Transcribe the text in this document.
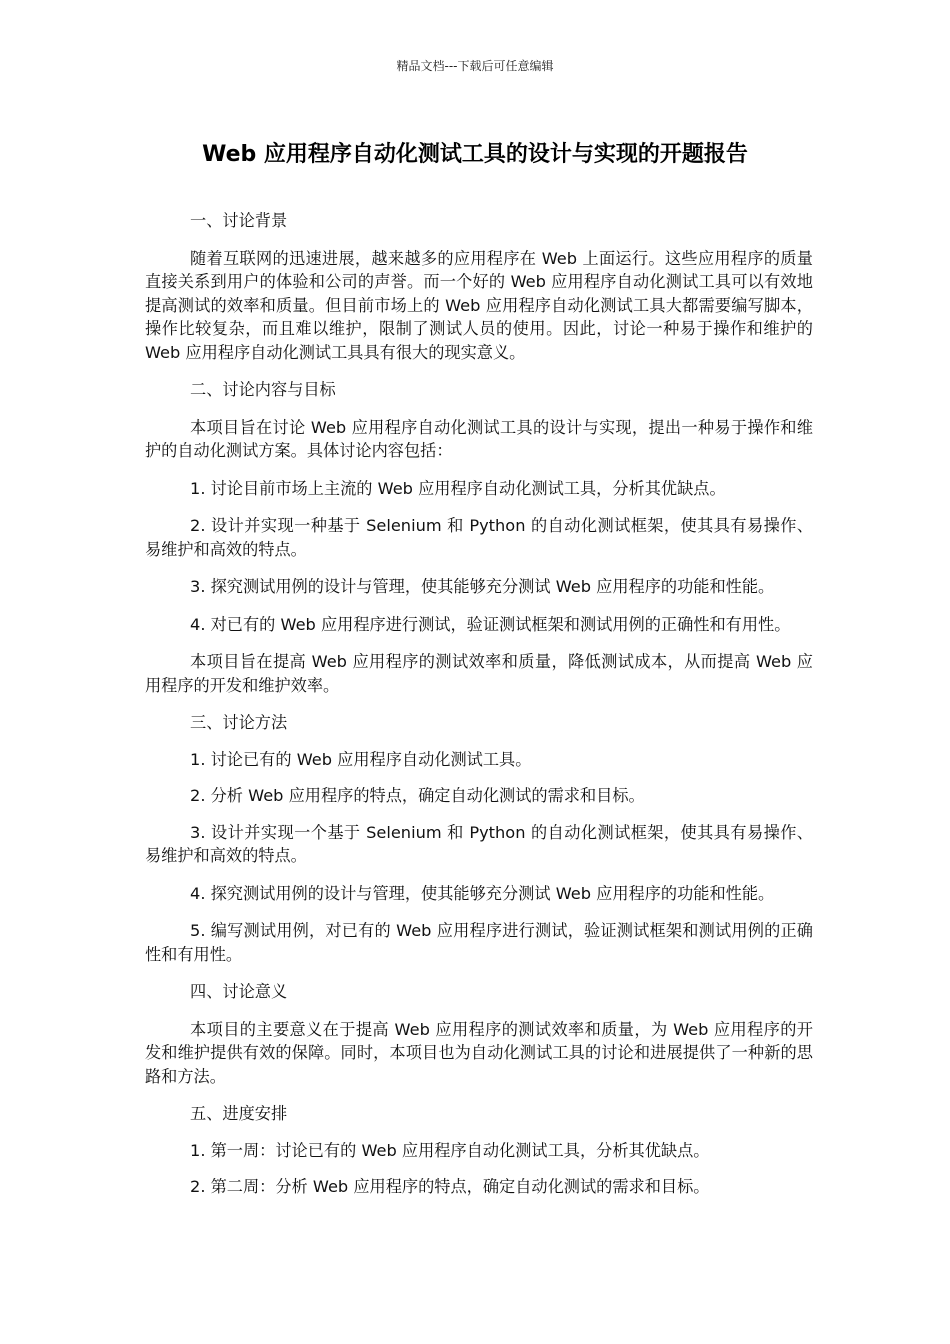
精品文档---下载后可任意编辑
Web 应用程序自动化测试工具的设计与实现的开题报告

一、讨论背景

随着互联网的迅速进展，越来越多的应用程序在 Web 上面运行。这些应用程序的质量直接关系到用户的体验和公司的声誉。而一个好的 Web 应用程序自动化测试工具可以有效地提高测试的效率和质量。但目前市场上的 Web 应用程序自动化测试工具大都需要编写脚本，操作比较复杂，而且难以维护，限制了测试人员的使用。因此，讨论一种易于操作和维护的 Web 应用程序自动化测试工具具有很大的现实意义。

二、讨论内容与目标

本项目旨在讨论 Web 应用程序自动化测试工具的设计与实现，提出一种易于操作和维护的自动化测试方案。具体讨论内容包括：

1. 讨论目前市场上主流的 Web 应用程序自动化测试工具，分析其优缺点。

2. 设计并实现一种基于 Selenium 和 Python 的自动化测试框架，使其具有易操作、易维护和高效的特点。

3. 探究测试用例的设计与管理，使其能够充分测试 Web 应用程序的功能和性能。

4. 对已有的 Web 应用程序进行测试，验证测试框架和测试用例的正确性和有用性。

本项目旨在提高 Web 应用程序的测试效率和质量，降低测试成本，从而提高 Web 应用程序的开发和维护效率。

三、讨论方法

1. 讨论已有的 Web 应用程序自动化测试工具。

2. 分析 Web 应用程序的特点，确定自动化测试的需求和目标。

3. 设计并实现一个基于 Selenium 和 Python 的自动化测试框架，使其具有易操作、易维护和高效的特点。

4. 探究测试用例的设计与管理，使其能够充分测试 Web 应用程序的功能和性能。

5. 编写测试用例，对已有的 Web 应用程序进行测试，验证测试框架和测试用例的正确性和有用性。

四、讨论意义

本项目的主要意义在于提高 Web 应用程序的测试效率和质量，为 Web 应用程序的开发和维护提供有效的保障。同时，本项目也为自动化测试工具的讨论和进展提供了一种新的思路和方法。

五、进度安排

1. 第一周：讨论已有的 Web 应用程序自动化测试工具，分析其优缺点。

2. 第二周：分析 Web 应用程序的特点，确定自动化测试的需求和目标。
